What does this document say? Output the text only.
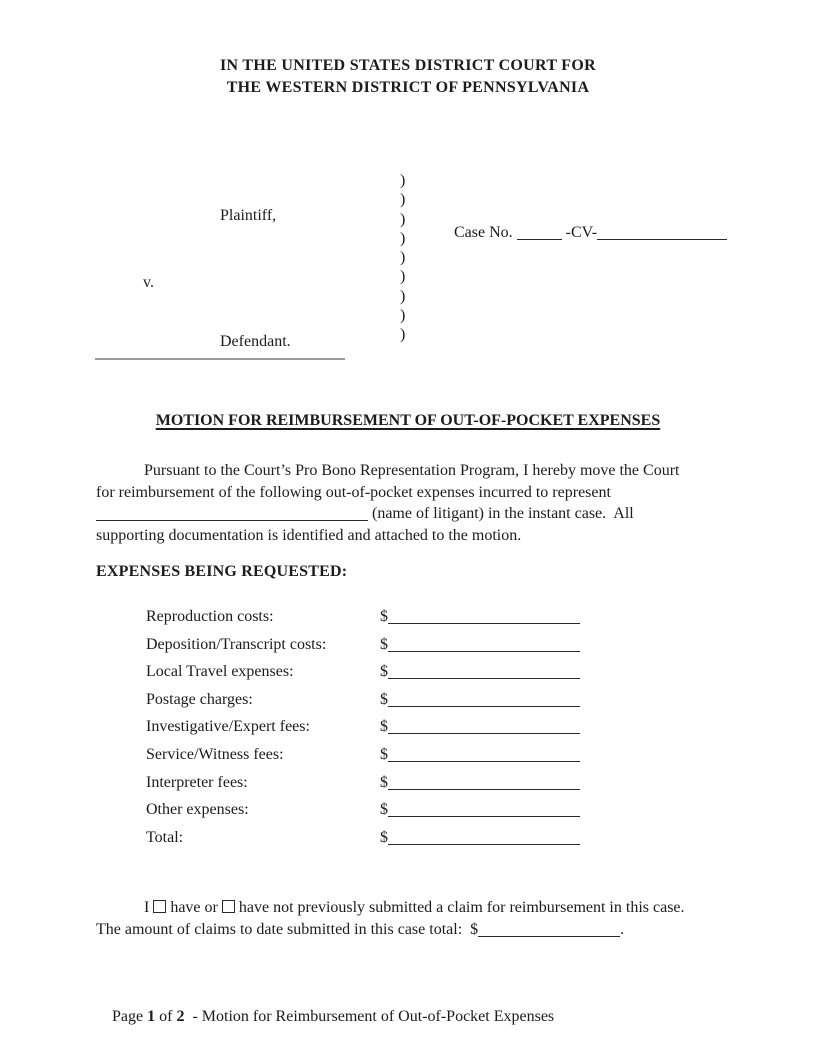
IN THE UNITED STATES DISTRICT COURT FOR
THE WESTERN DISTRICT OF PENNSYLVANIA
Plaintiff,
v.
Defendant.
)
)
)
)
)
)
)
)
)

Case No.	-CV-

MOTION FOR REIMBURSEMENT OF OUT-OF-POCKET EXPENSES
Pursuant to the Court’s Pro Bono Representation Program, I hereby move the Court
for reimbursement of the following out-of-pocket expenses incurred to represent
(name of litigant) in the instant case.  All
supporting documentation is identified and attached to the motion.
EXPENSES BEING REQUESTED:
Reproduction costs:	$
Deposition/Transcript costs:	$
Local Travel expenses:	$
Postage charges:	$
Investigative/Expert fees:	$
Service/Witness fees:	$
Interpreter fees:	$
Other expenses:	$
Total:	$
I  have or  have not previously submitted a claim for reimbursement in this case.
The amount of claims to date submitted in this case total:  $	.

Page 1 of 2  - Motion for Reimbursement of Out-of-Pocket Expenses
